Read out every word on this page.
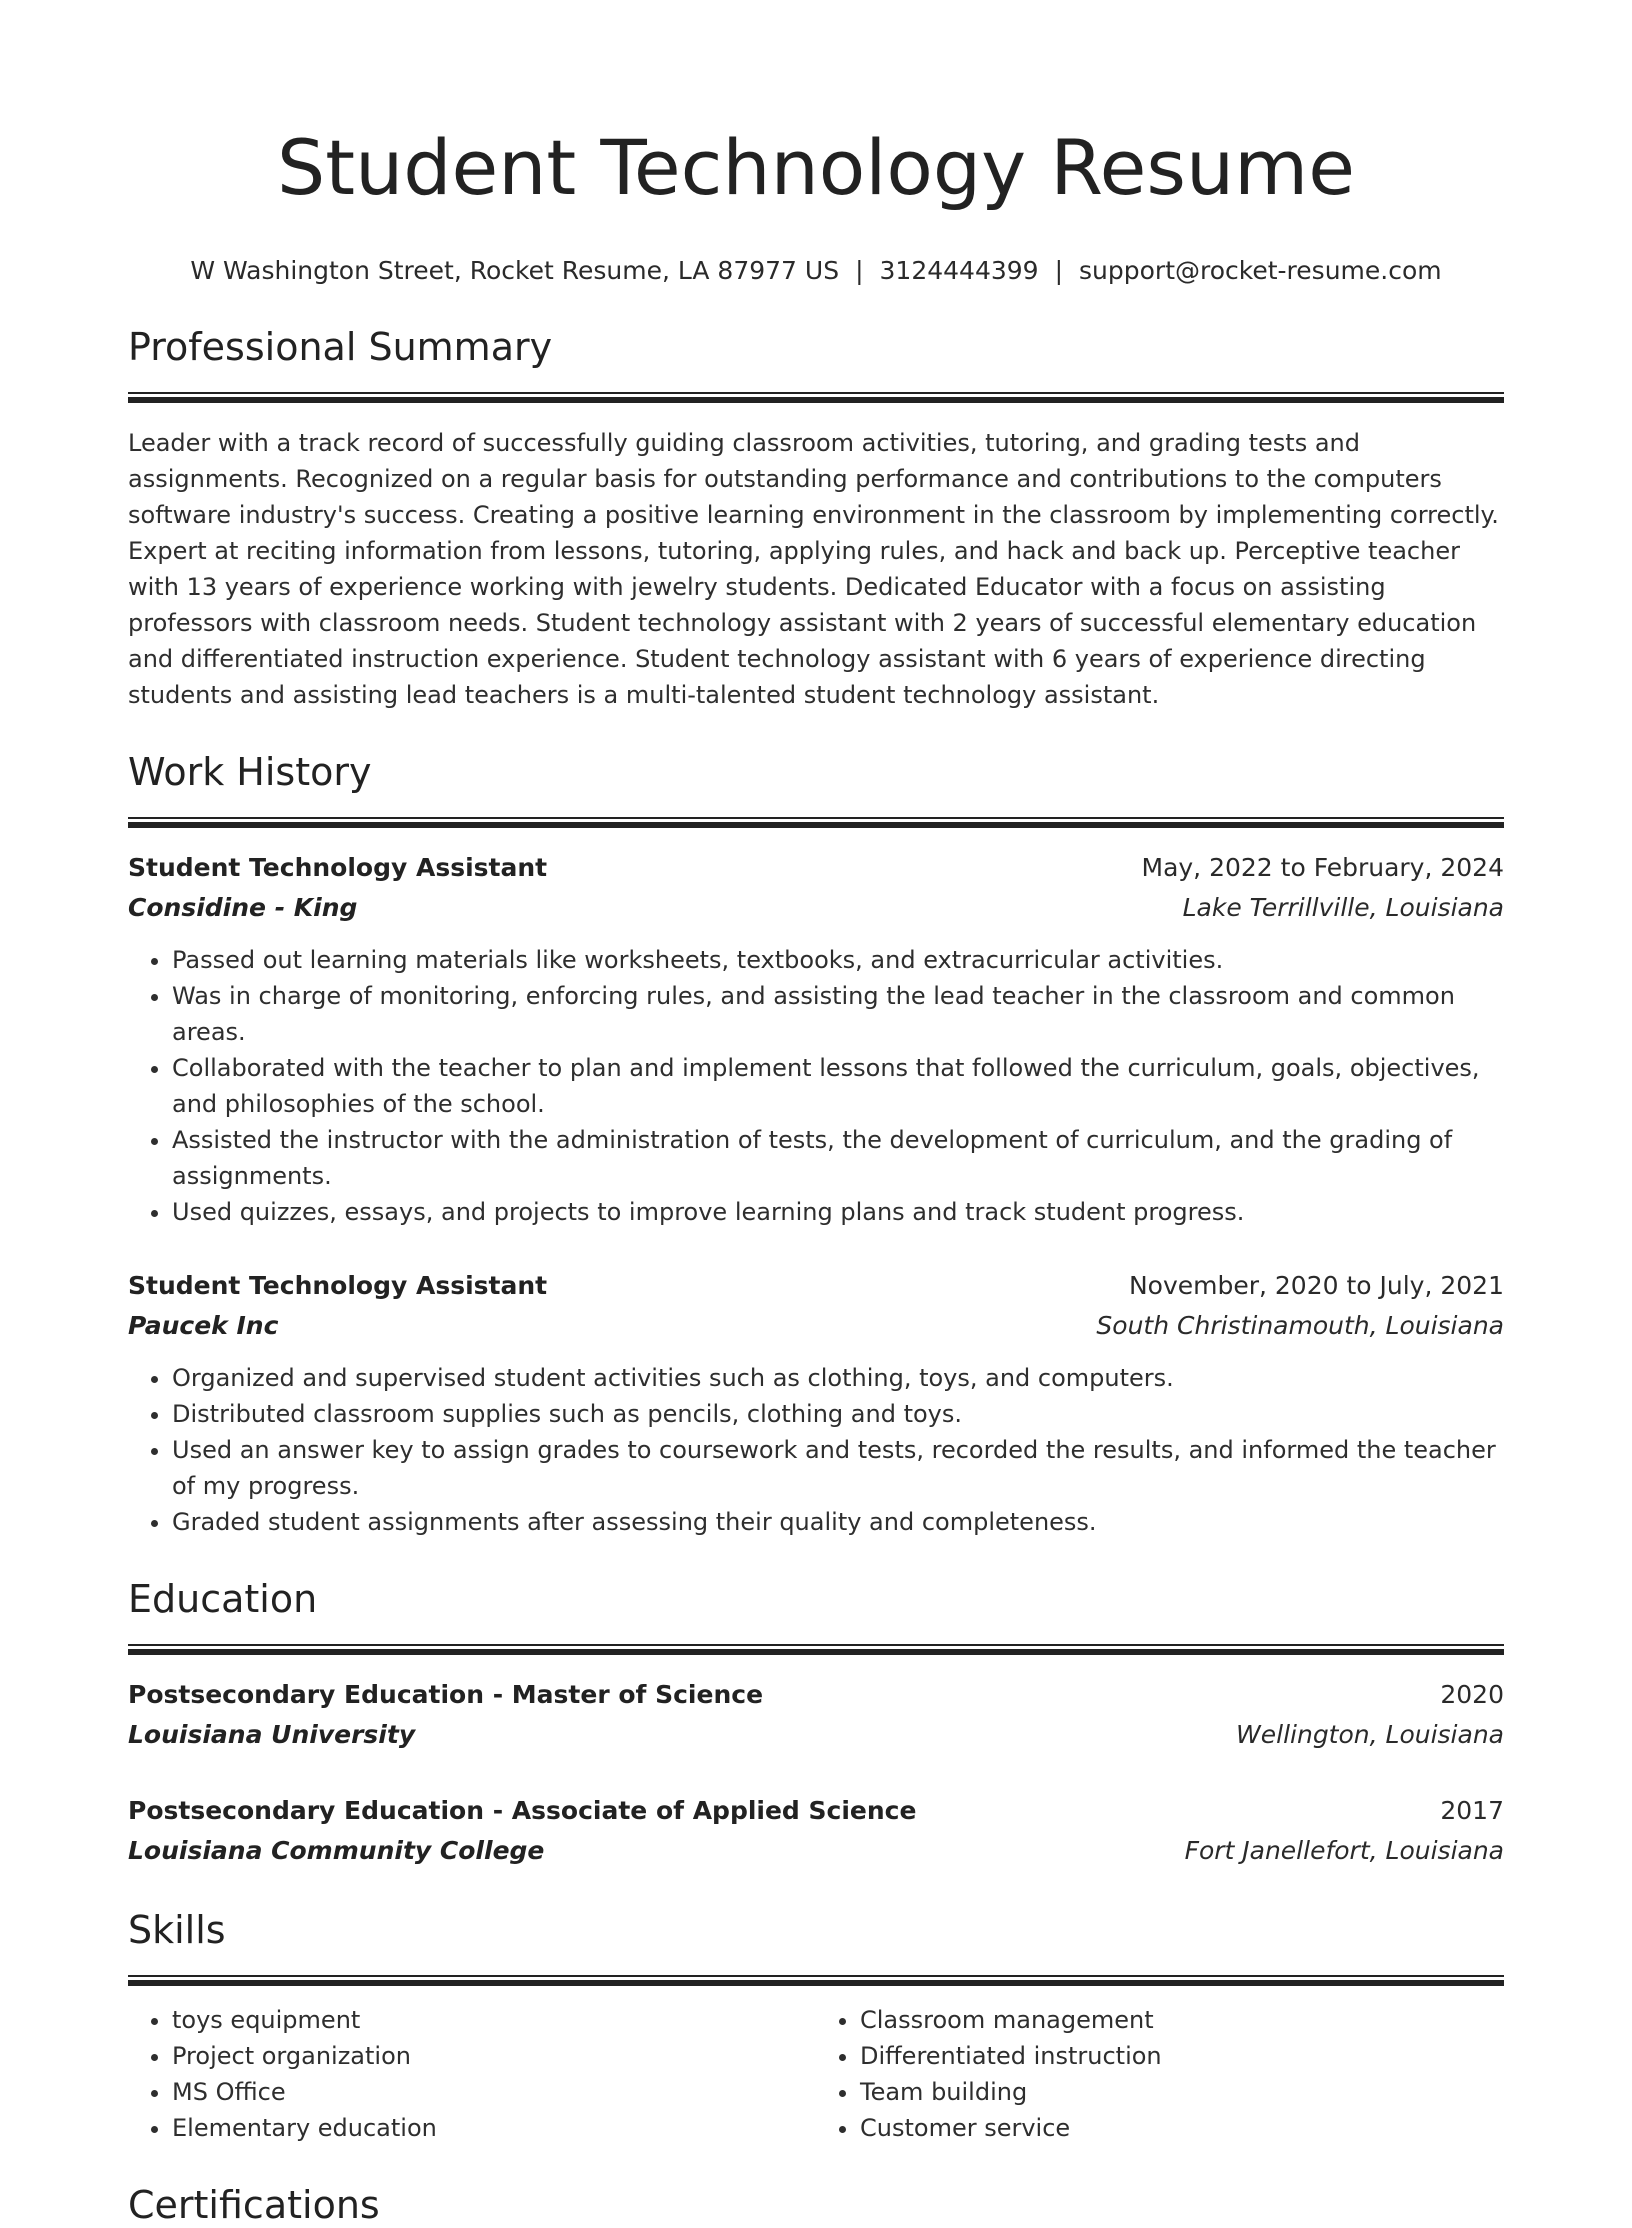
Student Technology Resume
W Washington Street, Rocket Resume, LA 87977 US | 3124444399 | support@rocket-resume.com
Professional Summary
Leader with a track record of successfully guiding classroom activities, tutoring, and grading tests and assignments. Recognized on a regular basis for outstanding performance and contributions to the computers software industry's success. Creating a positive learning environment in the classroom by implementing correctly. Expert at reciting information from lessons, tutoring, applying rules, and hack and back up. Perceptive teacher with 13 years of experience working with jewelry students. Dedicated Educator with a focus on assisting professors with classroom needs. Student technology assistant with 2 years of successful elementary education and differentiated instruction experience. Student technology assistant with 6 years of experience directing students and assisting lead teachers is a multi-talented student technology assistant.
Work History
Student Technology Assistant	May, 2022 to February, 2024
Considine - King	Lake Terrillville, Louisiana
• Passed out learning materials like worksheets, textbooks, and extracurricular activities.
• Was in charge of monitoring, enforcing rules, and assisting the lead teacher in the classroom and common areas.
• Collaborated with the teacher to plan and implement lessons that followed the curriculum, goals, objectives, and philosophies of the school.
• Assisted the instructor with the administration of tests, the development of curriculum, and the grading of assignments.
• Used quizzes, essays, and projects to improve learning plans and track student progress.
Student Technology Assistant	November, 2020 to July, 2021
Paucek Inc	South Christinamouth, Louisiana
• Organized and supervised student activities such as clothing, toys, and computers.
• Distributed classroom supplies such as pencils, clothing and toys.
• Used an answer key to assign grades to coursework and tests, recorded the results, and informed the teacher of my progress.
• Graded student assignments after assessing their quality and completeness.
Education
Postsecondary Education - Master of Science	2020
Louisiana University	Wellington, Louisiana
Postsecondary Education - Associate of Applied Science	2017
Louisiana Community College	Fort Janellefort, Louisiana
Skills
• toys equipment
• Project organization
• MS Office
• Elementary education
• Classroom management
• Differentiated instruction
• Team building
• Customer service
Certifications
